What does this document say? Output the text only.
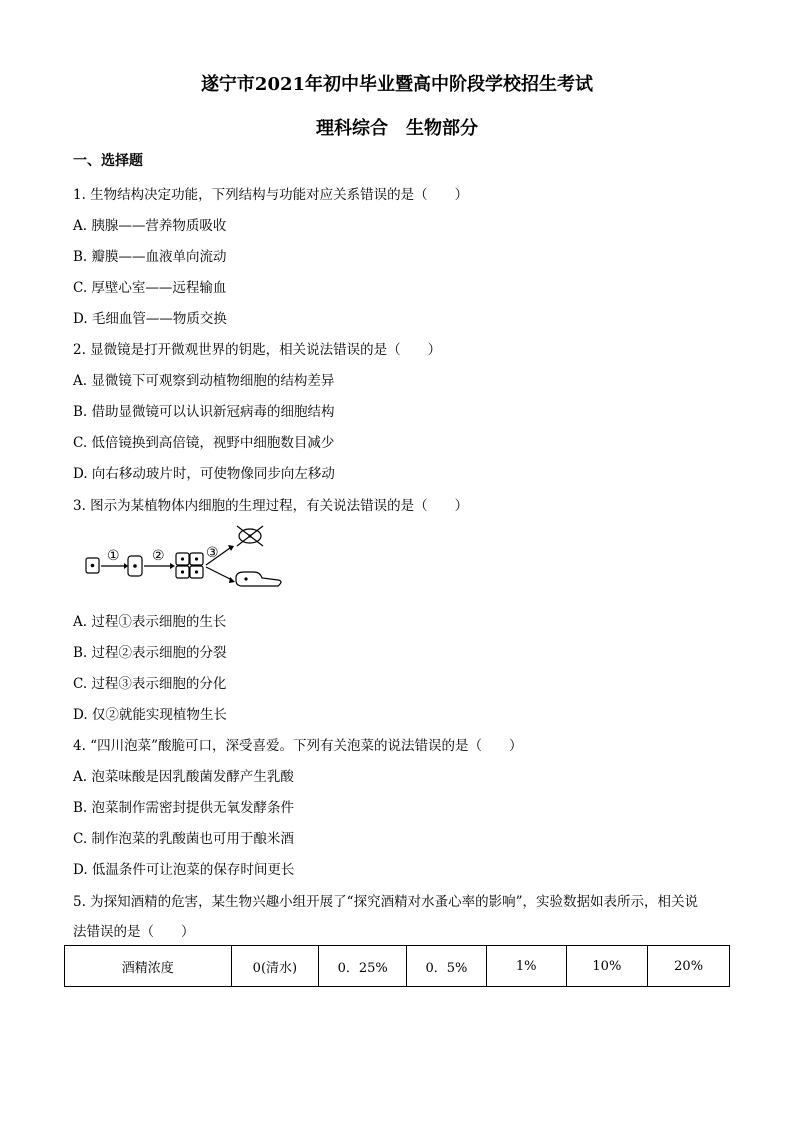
遂宁市2021年初中毕业暨高中阶段学校招生考试
理科综合　生物部分
一、选择题
1. 生物结构决定功能，下列结构与功能对应关系错误的是（　　）
A. 胰腺——营养物质吸收
B. 瓣膜——血液单向流动
C. 厚壁心室——远程输血
D. 毛细血管——物质交换
2. 显微镜是打开微观世界的钥匙，相关说法错误的是（　　）
A. 显微镜下可观察到动植物细胞的结构差异
B. 借助显微镜可以认识新冠病毒的细胞结构
C. 低倍镜换到高倍镜，视野中细胞数目减少
D. 向右移动玻片时，可使物像同步向左移动
3. 图示为某植物体内细胞的生理过程，有关说法错误的是（　　）
① ②	③
A. 过程①表示细胞的生长
B. 过程②表示细胞的分裂
C. 过程③表示细胞的分化
D. 仅②就能实现植物生长
4. “四川泡菜”酸脆可口，深受喜爱。下列有关泡菜的说法错误的是（　　）
A. 泡菜味酸是因乳酸菌发酵产生乳酸
B. 泡菜制作需密封提供无氧发酵条件
C. 制作泡菜的乳酸菌也可用于酿米酒
D. 低温条件可让泡菜的保存时间更长
5. 为探知酒精的危害，某生物兴趣小组开展了“探究酒精对水蚤心率的影响”，实验数据如表所示，相关说
法错误的是（　　）
酒精浓度	0(清水)	0．25%	0．5%	1%	10%	20%
